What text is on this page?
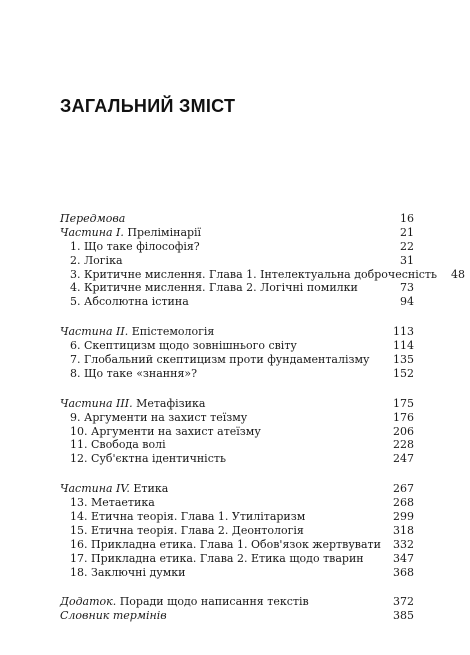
ЗАГАЛЬНИЙ ЗМІСТ
Передмова	16
Частина I. Прелімінарії	21
1. Що таке філософія?	22
2. Логіка	31
3. Критичне мислення. Глава 1. Інтелектуальна доброчесність	48
4. Критичне мислення. Глава 2. Логічні помилки	73
5. Абсолютна істина	94
Частина II. Епістемологія	113
6. Скептицизм щодо зовнішнього світу	114
7. Глобальний скептицизм проти фундаменталізму	135
8. Що таке «знання»?	152
Частина III. Метафізика	175
9. Аргументи на захист теїзму	176
10. Аргументи на захист атеїзму	206
11. Свобода волі	228
12. Суб'єктна ідентичність	247
Частина IV. Етика	267
13. Метаетика	268
14. Етична теорія. Глава 1. Утилітаризм	299
15. Етична теорія. Глава 2. Деонтологія	318
16. Прикладна етика. Глава 1. Обов'язок жертвувати	332
17. Прикладна етика. Глава 2. Етика щодо тварин	347
18. Заключні думки	368
Додаток. Поради щодо написання текстів	372
Словник термінів	385
